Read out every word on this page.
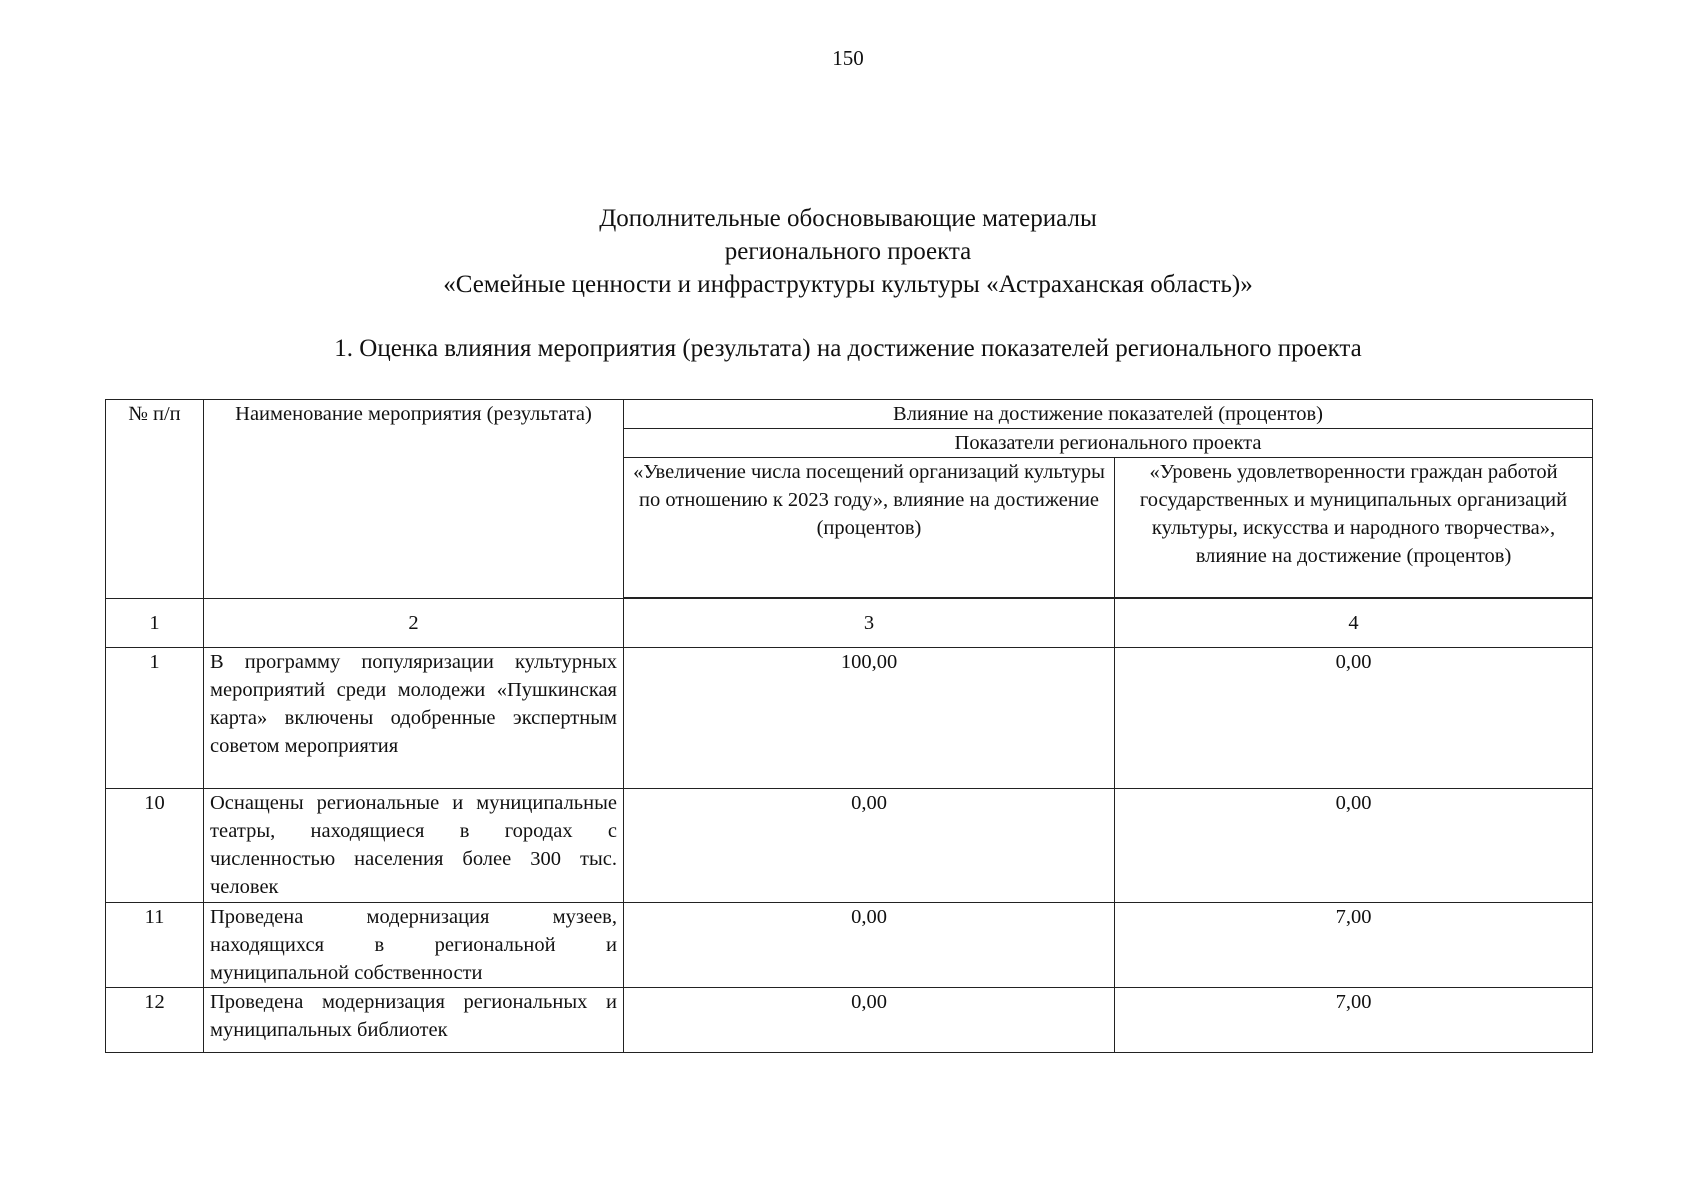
150
Дополнительные обосновывающие материалы
регионального проекта
«Семейные ценности и инфраструктуры культуры «Астраханская область)»
1. Оценка влияния мероприятия (результата) на достижение показателей регионального проекта
№ п/п	Наименование мероприятия (результата)	Влияние на достижение показателей (процентов)	
		Показатели регионального проекта	
		«Увеличение числа посещений организаций культуры по отношению к 2023 году», влияние на достижение (процентов)	«Уровень удовлетворенности граждан работой государственных и муниципальных организаций культуры, искусства и народного творчества», влияние на достижение (процентов)
1	2	3	4
1	В программу популяризации культурных мероприятий среди молодежи «Пушкинская карта» включены одобренные экспертным советом мероприятия	100,00	0,00
10	Оснащены региональные и муниципальные театры, находящиеся в городах с численностью населения более 300 тыс. человек	0,00	0,00
11	Проведена модернизация музеев, находящихся в региональной и муниципальной собственности	0,00	7,00
12	Проведена модернизация региональных и муниципальных библиотек	0,00	7,00
